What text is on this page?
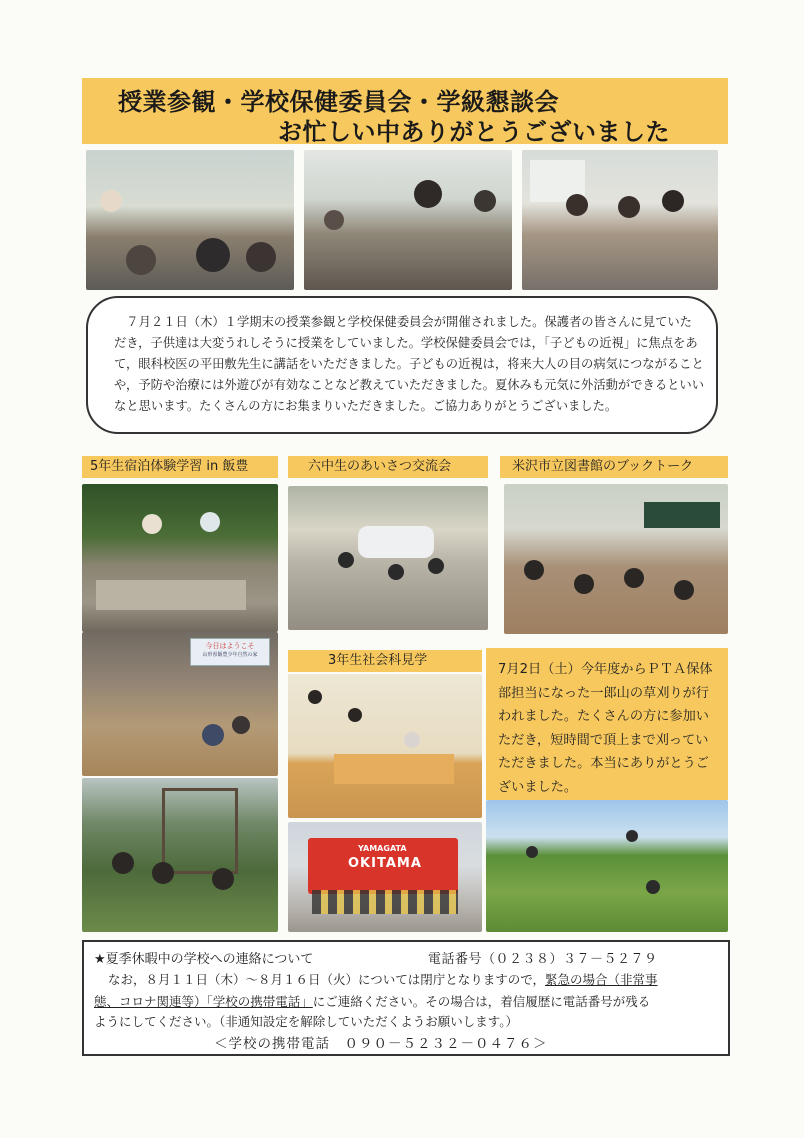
授業参観・学校保健委員会・学級懇談会
お忙しい中ありがとうございました

７月２１日（木）１学期末の授業参観と学校保健委員会が開催されました。保護者の皆さんに見ていただき，子供達は大変うれしそうに授業をしていました。学校保健委員会では，「子どもの近視」に焦点をあて，眼科校医の平田敷先生に講話をいただきました。子どもの近視は，将来大人の目の病気につながることや，予防や治療には外遊びが有効なことなど教えていただきました。夏休みも元気に外活動ができるといいなと思います。たくさんの方にお集まりいただきました。ご協力ありがとうございました。

5年生宿泊体験学習 in 飯豊	六中生のあいさつ交流会	米沢市立図書館のブックトーク
3年生社会科見学
今日はようこそ
山形県飯豊少年自然の家
YAMAGATA
OKITAMA

7月2日（土）今年度からＰＴＡ保体部担当になった一郎山の草刈りが行われました。たくさんの方に参加いただき，短時間で頂上まで刈っていただきました。本当にありがとうございました。

★夏季休暇中の学校への連絡について	電話番号（０２３８）３７－５２７９
なお，８月１１日（木）～８月１６日（火）については閉庁となりますので，緊急の場合（非常事
態、コロナ関連等）「学校の携帯電話」にご連絡ください。その場合は，着信履歴に電話番号が残る
ようにしてください。（非通知設定を解除していただくようお願いします。）
＜学校の携帯電話　０９０－５２３２－０４７６＞
